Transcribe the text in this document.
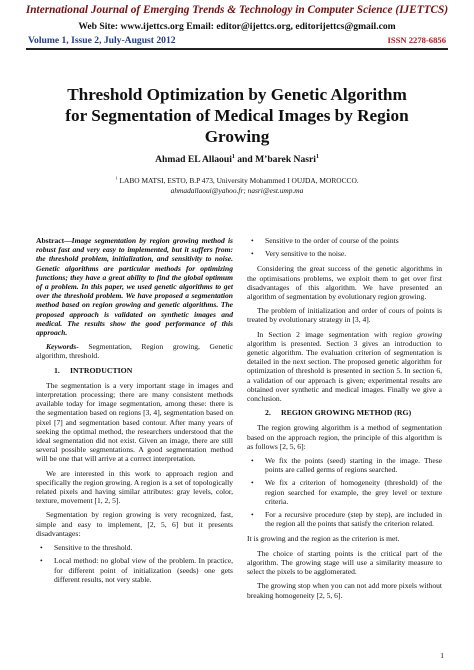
International Journal of Emerging Trends & Technology in Computer Science (IJETTCS)
Web Site: www.ijettcs.org Email: editor@ijettcs.org, editorijettcs@gmail.com
Volume 1, Issue 2, July-August 2012	ISSN 2278-6856
Threshold Optimization by Genetic Algorithm
for Segmentation of Medical Images by Region
Growing
Ahmad EL Allaoui$^1$ and M’barek Nasri$^1$
$^1$ LABO MATSI, ESTO, B.P 473, University Mohammed I OUJDA, MOROCCO.
ahmadallaoui@yahoo.fr; nasri@est.ump.ma

Abstract—Image segmentation by region growing method is robust fast and very easy to implemented, but it suffers from: the threshold problem, initialization, and sensitivity to noise. Genetic algorithms are particular methods for optimizing functions; they have a great ability to find the global optimum of a problem. In this paper, we used genetic algorithms to get over the threshold problem. We have proposed a segmentation method based on region growing and genetic algorithms. The proposed approach is validated on synthetic images and medical. The results show the good performance of this approach.

Keywords- Segmentation, Region growing, Genetic algorithm, threshold.

1. INTRODUCTION

The segmentation is a very important stage in images and interpretation processing; there are many consistent methods available today for image segmentation, among these: there is the segmentation based on regions [3, 4], segmentation based on pixel [7] and segmentation based contour. After many years of seeking the optimal method, the researchers understood that the ideal segmentation did not exist. Given an image, there are still several possible segmentations. A good segmentation method will be one that will arrive at a correct interpretation.

We are interested in this work to approach region and specifically the region growing. A region is a set of topologically related pixels and having similar attributes: gray levels, color, texture, movement [1, 2, 5].

Segmentation by region growing is very recognized, fast, simple and easy to implement, [2, 5, 6] but it presents disadvantages:

• Sensitive to the threshold.
• Local method: no global view of the problem. In practice, for different point of initialization (seeds) one gets different results, not very stable.
• Sensitive to the order of course of the points
• Very sensitive to the noise.

Considering the great success of the genetic algorithms in the optimisations problems, we exploit them to get over first disadvantages of this algorithm. We have presented an algorithm of segmentation by evolutionary region growing.

The problem of initialization and order of cours of points is treated by evolutionary strategy in [3, 4].

In Section 2 image segmentation with region growing algorithm is presented. Section 3 gives an introduction to genetic algorithm. The evaluation criterion of segmentation is detailed in the next section. The proposed genetic algorithm for optimization of threshold is presented in section 5. In section 6, a validation of our approach is given; experimental results are obtained over synthetic and medical images. Finally we give a conclusion.

2. REGION GROWING METHOD (RG)

The region growing algorithm is a method of segmentation based on the approach region, the principle of this algorithm is as follows [2, 5, 6]:

• We fix the points (seed) starting in the image. These points are called germs of regions searched.
• We fix a criterion of homogeneity (threshold) of the region searched for example, the grey level or texture criteria.
• For a recursive procedure (step by step), are included in the region all the points that satisfy the criterion related.

It is growing and the region as the criterion is met.

The choice of starting points is the critical part of the algorithm. The growing stage will use a similarity measure to select the pixels to be agglomerated.

The growing stop when you can not add more pixels without breaking homogeneity [2, 5, 6].

1
